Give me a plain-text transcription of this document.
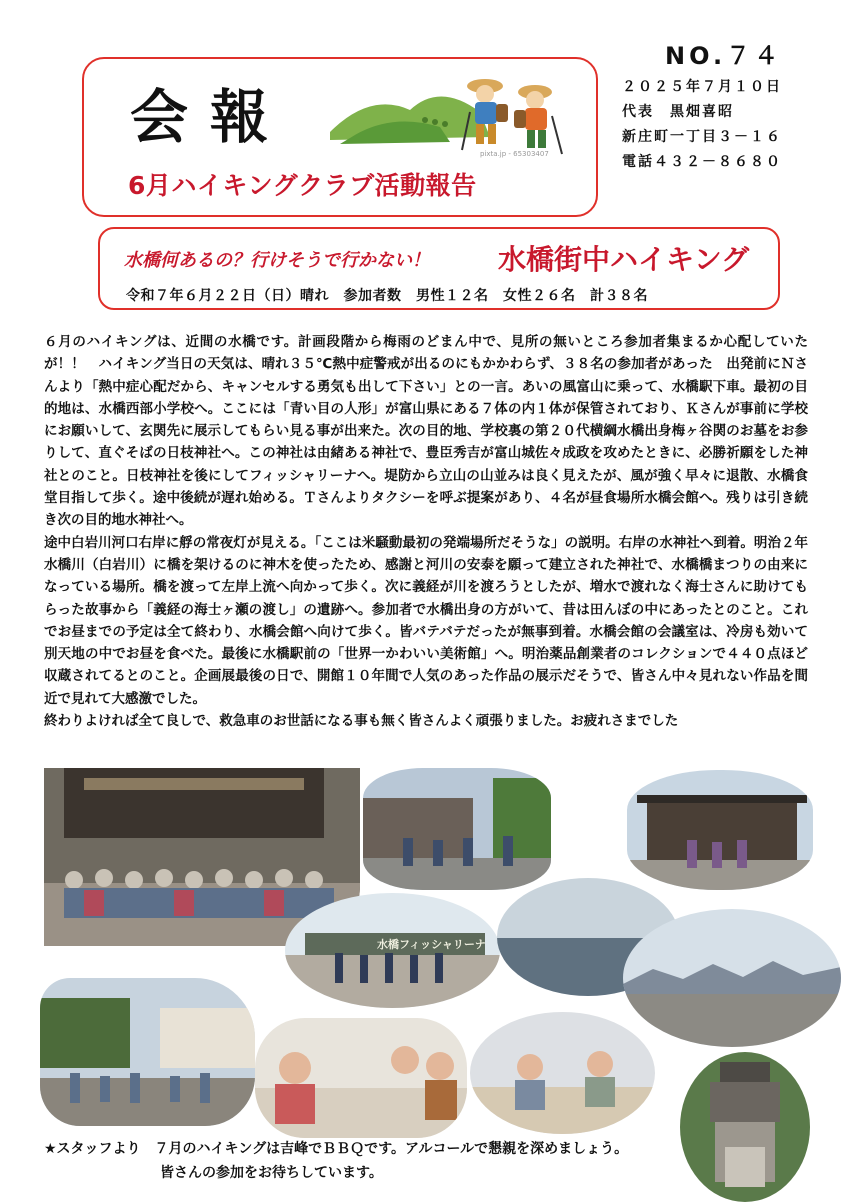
会報
pixta.jp - 65303407
6月ハイキングクラブ活動報告
NO.７４
２０２５年７月１０日
代表　黒畑喜昭
新庄町一丁目３－１６
電話４３２－８６８０
水橋何あるの？行けそうで行かない！ 水橋街中ハイキング
令和７年６月２２日（日）晴れ　参加者数　男性１２名　女性２６名　計３８名

６月のハイキングは、近間の水橋です。計画段階から梅雨のどまん中で、見所の無いところ参加者集まるか心配していたが！！　ハイキング当日の天気は、晴れ３５℃熱中症警戒が出るのにもかかわらず、３８名の参加者があった　出発前にＮさんより「熱中症心配だから、キャンセルする勇気も出して下さい」との一言。あいの風富山に乗って、水橋駅下車。最初の目的地は、水橋西部小学校へ。ここには「青い目の人形」が富山県にある７体の内１体が保管されており、Ｋさんが事前に学校にお願いして、玄関先に展示してもらい見る事が出来た。次の目的地、学校裏の第２０代横綱水橋出身梅ヶ谷関のお墓をお参りして、直ぐそばの日枝神社へ。この神社は由緒ある神社で、豊臣秀吉が富山城佐々成政を攻めたときに、必勝祈願をした神社とのこと。日枝神社を後にしてフィッシャリーナへ。堤防から立山の山並みは良く見えたが、風が強く早々に退散、水橋食堂目指して歩く。途中後続が遅れ始める。Ｔさんよりタクシーを呼ぶ提案があり、４名が昼食場所水橋会館へ。残りは引き続き次の目的地水神社へ。

途中白岩川河口右岸に艀の常夜灯が見える。「ここは米騒動最初の発端場所だそうな」の説明。右岸の水神社へ到着。明治２年水橋川（白岩川）に橋を架けるのに神木を使ったため、感謝と河川の安泰を願って建立された神社で、水橋橋まつりの由来になっている場所。橋を渡って左岸上流へ向かって歩く。次に義経が川を渡ろうとしたが、増水で渡れなく海士さんに助けてもらった故事から「義経の海士ヶ瀬の渡し」の遺跡へ。参加者で水橋出身の方がいて、昔は田んぼの中にあったとのこと。これでお昼までの予定は全て終わり、水橋会館へ向けて歩く。皆バテバテだったが無事到着。水橋会館の会議室は、冷房も効いて別天地の中でお昼を食べた。最後に水橋駅前の「世界一かわいい美術館」へ。明治薬品創業者のコレクションで４４０点ほど収蔵されてるとのこと。企画展最後の日で、開館１０年間で人気のあった作品の展示だそうで、皆さん中々見れない作品を間近で見れて大感激でした。

終わりよければ全て良しで、救急車のお世話になる事も無く皆さんよく頑張りました。お疲れさまでした

水橋フィッシャリーナ
★スタッフより　７月のハイキングは吉峰でＢＢＱです。アルコールで懇親を深めましょう。
皆さんの参加をお待ちしています。
